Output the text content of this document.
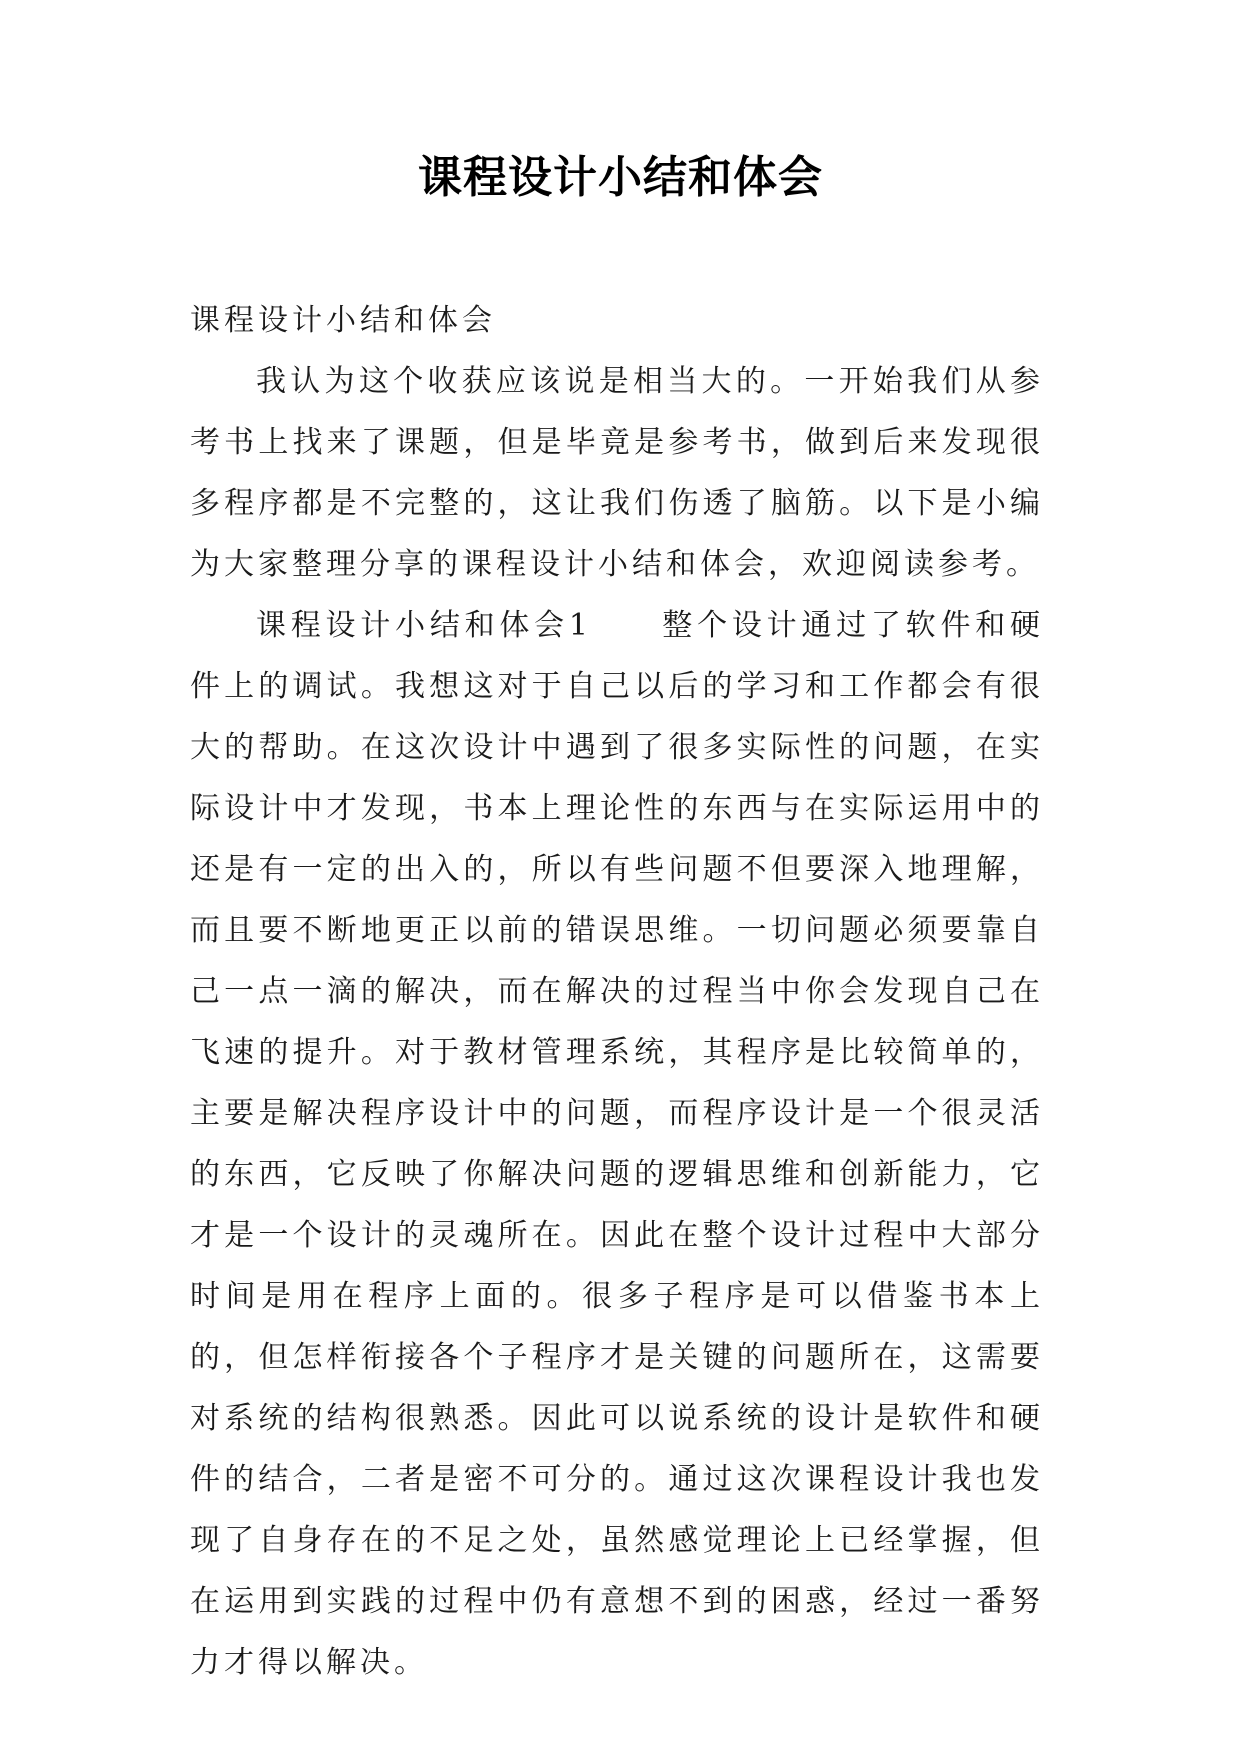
课程设计小结和体会

课程设计小结和体会

我认为这个收获应该说是相当大的。一开始我们从参考书上找来了课题，但是毕竟是参考书，做到后来发现很多程序都是不完整的，这让我们伤透了脑筋。以下是小编为大家整理分享的课程设计小结和体会，欢迎阅读参考。

课程设计小结和体会1　　整个设计通过了软件和硬件上的调试。我想这对于自己以后的学习和工作都会有很大的帮助。在这次设计中遇到了很多实际性的问题，在实际设计中才发现，书本上理论性的东西与在实际运用中的还是有一定的出入的，所以有些问题不但要深入地理解，而且要不断地更正以前的错误思维。一切问题必须要靠自己一点一滴的解决，而在解决的过程当中你会发现自己在飞速的提升。对于教材管理系统，其程序是比较简单的，主要是解决程序设计中的问题，而程序设计是一个很灵活的东西，它反映了你解决问题的逻辑思维和创新能力，它才是一个设计的灵魂所在。因此在整个设计过程中大部分时间是用在程序上面的。很多子程序是可以借鉴书本上的，但怎样衔接各个子程序才是关键的问题所在，这需要对系统的结构很熟悉。因此可以说系统的设计是软件和硬件的结合，二者是密不可分的。通过这次课程设计我也发现了自身存在的不足之处，虽然感觉理论上已经掌握，但在运用到实践的过程中仍有意想不到的困惑，经过一番努力才得以解决。
